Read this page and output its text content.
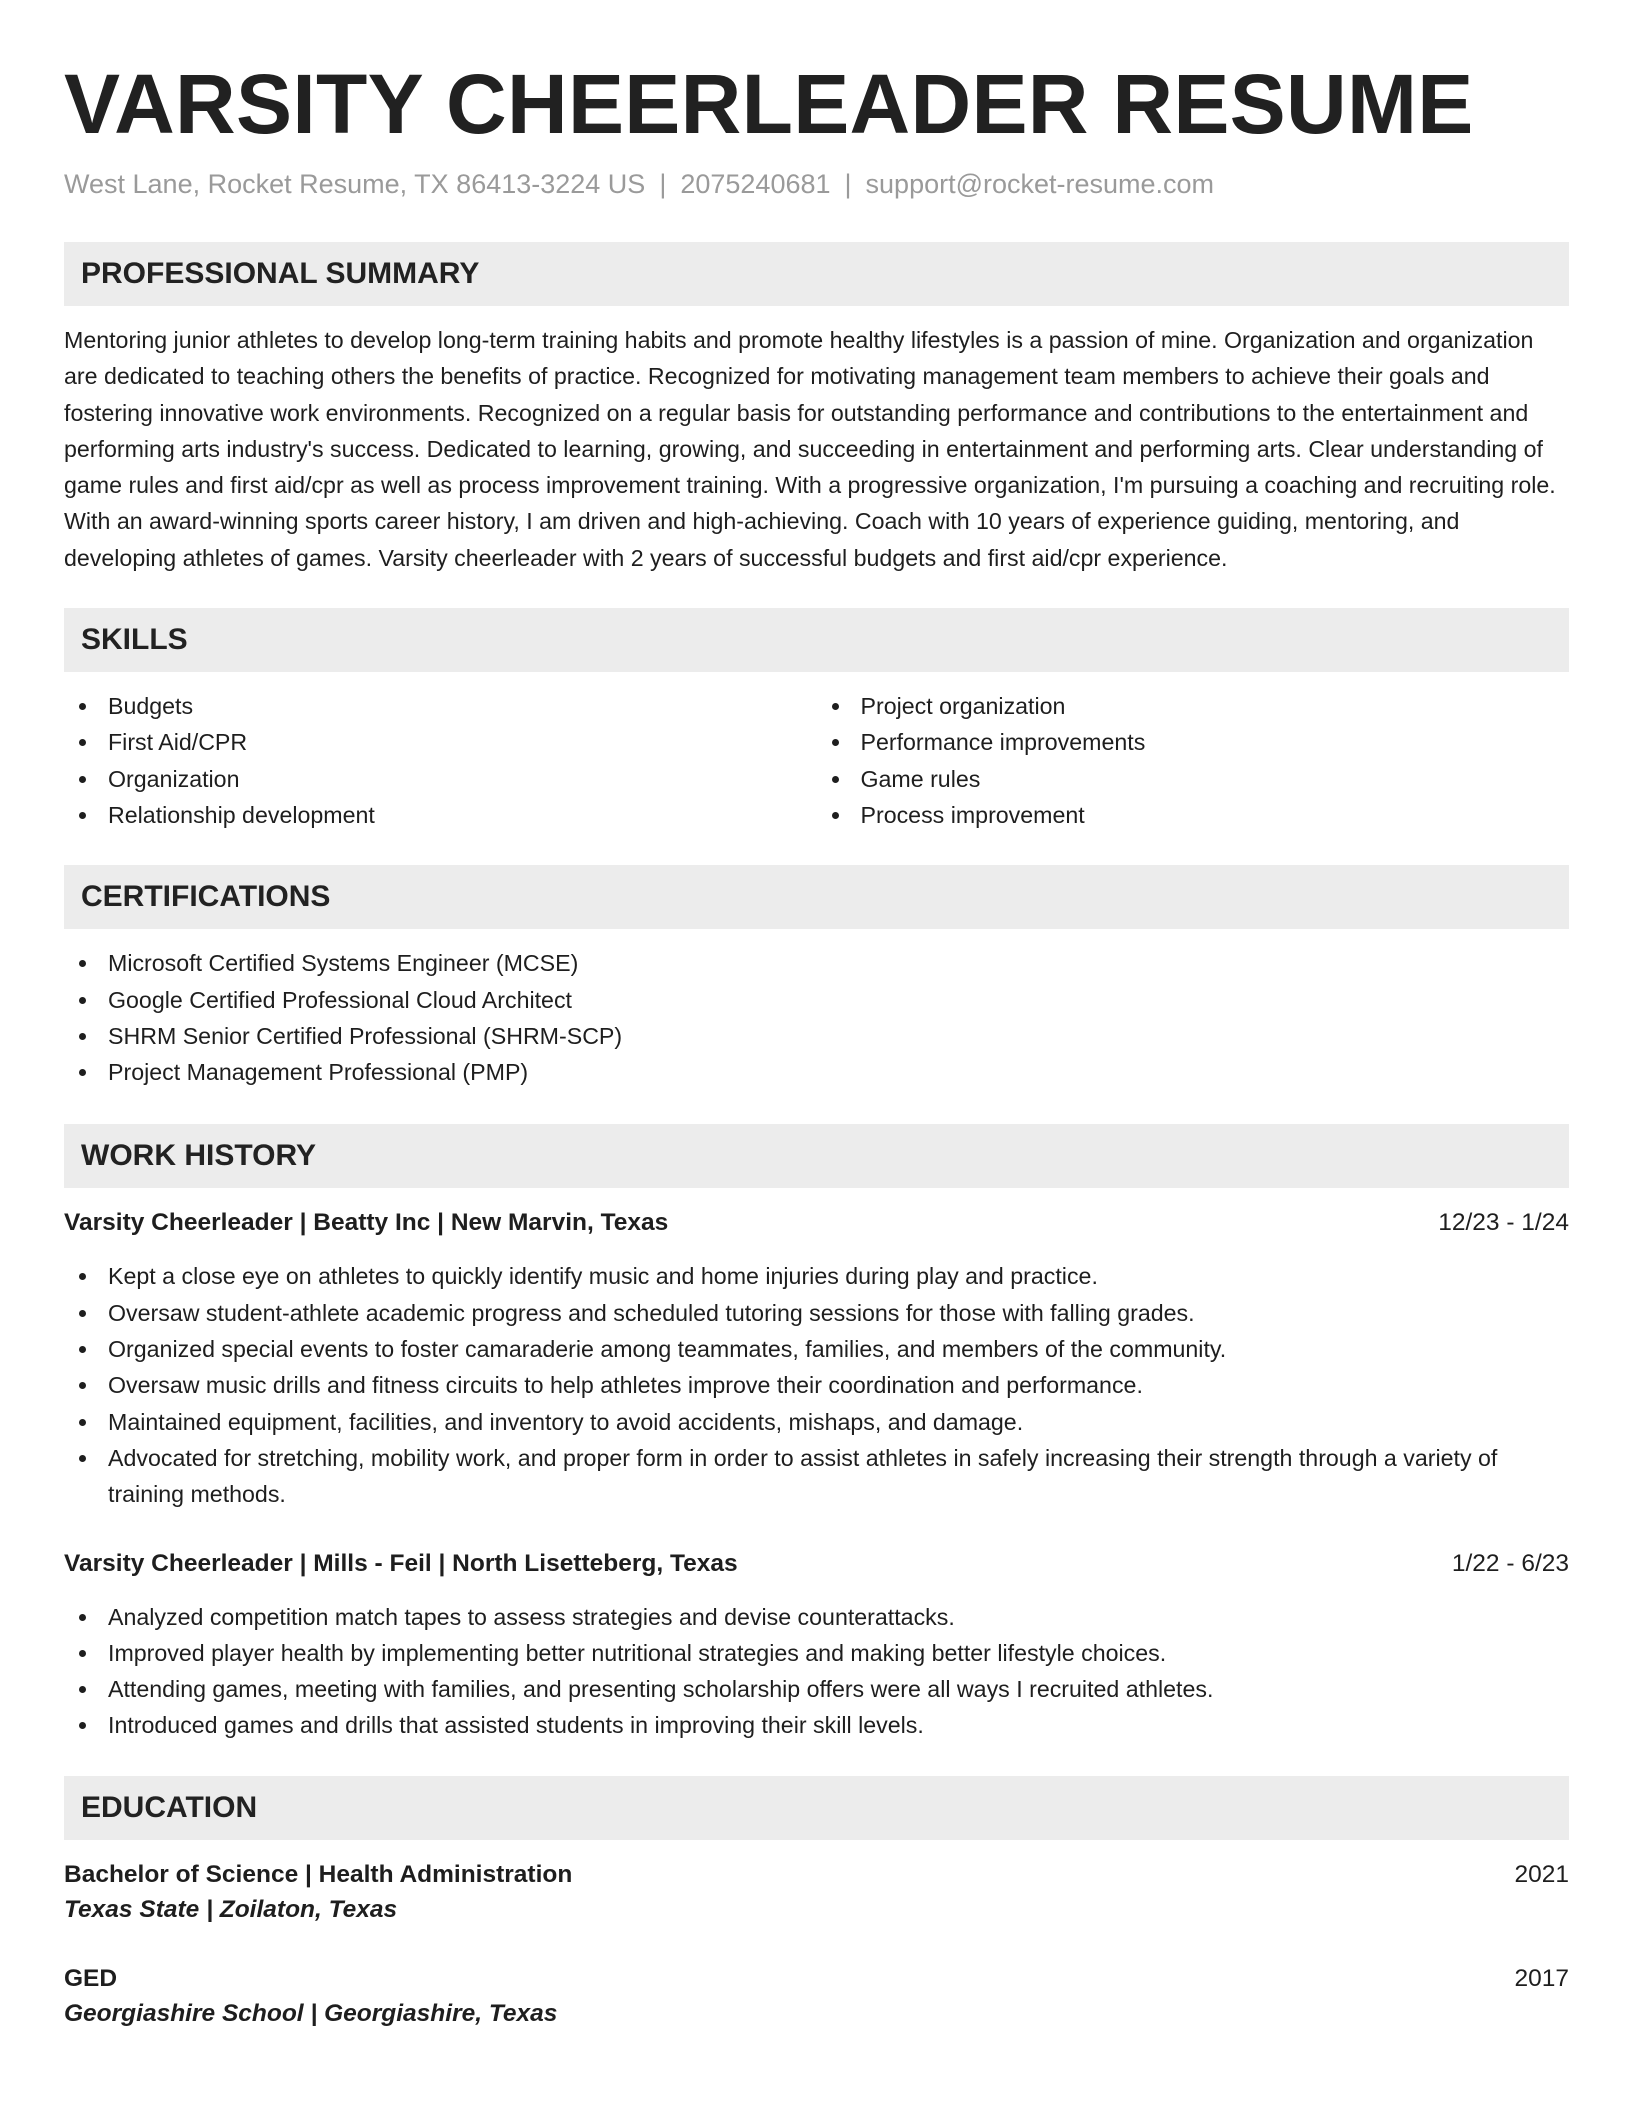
VARSITY CHEERLEADER RESUME
West Lane, Rocket Resume, TX 86413-3224 US | 2075240681 | support@rocket-resume.com
PROFESSIONAL SUMMARY

Mentoring junior athletes to develop long-term training habits and promote healthy lifestyles is a passion of mine. Organization and organization are dedicated to teaching others the benefits of practice. Recognized for motivating management team members to achieve their goals and fostering innovative work environments. Recognized on a regular basis for outstanding performance and contributions to the entertainment and performing arts industry's success. Dedicated to learning, growing, and succeeding in entertainment and performing arts. Clear understanding of game rules and first aid/cpr as well as process improvement training. With a progressive organization, I'm pursuing a coaching and recruiting role. With an award-winning sports career history, I am driven and high-achieving. Coach with 10 years of experience guiding, mentoring, and developing athletes of games. Varsity cheerleader with 2 years of successful budgets and first aid/cpr experience.

SKILLS
Budgets
First Aid/CPR
Organization
Relationship development
Project organization
Performance improvements
Game rules
Process improvement
CERTIFICATIONS
Microsoft Certified Systems Engineer (MCSE)
Google Certified Professional Cloud Architect
SHRM Senior Certified Professional (SHRM-SCP)
Project Management Professional (PMP)
WORK HISTORY
Varsity Cheerleader | Beatty Inc | New Marvin, Texas	12/23 - 1/24
Kept a close eye on athletes to quickly identify music and home injuries during play and practice.
Oversaw student-athlete academic progress and scheduled tutoring sessions for those with falling grades.
Organized special events to foster camaraderie among teammates, families, and members of the community.
Oversaw music drills and fitness circuits to help athletes improve their coordination and performance.
Maintained equipment, facilities, and inventory to avoid accidents, mishaps, and damage.
Advocated for stretching, mobility work, and proper form in order to assist athletes in safely increasing their strength through a variety of training methods.
Varsity Cheerleader | Mills - Feil | North Lisetteberg, Texas	1/22 - 6/23
Analyzed competition match tapes to assess strategies and devise counterattacks.
Improved player health by implementing better nutritional strategies and making better lifestyle choices.
Attending games, meeting with families, and presenting scholarship offers were all ways I recruited athletes.
Introduced games and drills that assisted students in improving their skill levels.
EDUCATION
Bachelor of Science | Health Administration	2021
Texas State | Zoilaton, Texas
GED	2017
Georgiashire School | Georgiashire, Texas
